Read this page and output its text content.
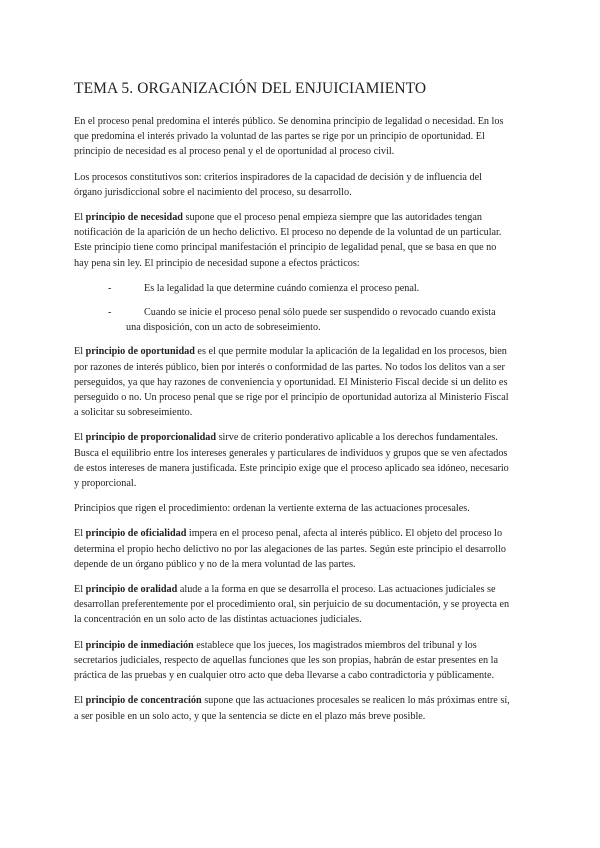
TEMA 5. ORGANIZACIÓN DEL ENJUICIAMIENTO

En el proceso penal predomina el interés público. Se denomina principio de legalidad o necesidad. En los que predomina el interés privado la voluntad de las partes se rige por un principio de oportunidad. El principio de necesidad es al proceso penal y el de oportunidad al proceso civil.

Los procesos constitutivos son: criterios inspiradores de la capacidad de decisión y de influencia del órgano jurisdiccional sobre el nacimiento del proceso, su desarrollo.

El principio de necesidad supone que el proceso penal empieza siempre que las autoridades tengan notificación de la aparición de un hecho delictivo. El proceso no depende de la voluntad de un particular. Este principio tiene como principal manifestación el principio de legalidad penal, que se basa en que no hay pena sin ley. El principio de necesidad supone a efectos prácticos:

-	Es la legalidad la que determine cuándo comienza el proceso penal.
-	Cuando se inicie el proceso penal sólo puede ser suspendido o revocado cuando exista una disposición, con un acto de sobreseimiento.

El principio de oportunidad es el que permite modular la aplicación de la legalidad en los procesos, bien por razones de interés público, bien por interés o conformidad de las partes. No todos los delitos van a ser perseguidos, ya que hay razones de conveniencia y oportunidad. El Ministerio Fiscal decide si un delito es perseguido o no. Un proceso penal que se rige por el principio de oportunidad autoriza al Ministerio Fiscal a solicitar su sobreseimiento.

El principio de proporcionalidad sirve de criterio ponderativo aplicable a los derechos fundamentales. Busca el equilibrio entre los intereses generales y particulares de individuos y grupos que se ven afectados de estos intereses de manera justificada. Este principio exige que el proceso aplicado sea idóneo, necesario y proporcional.

Principios que rigen el procedimiento: ordenan la vertiente externa de las actuaciones procesales.

El principio de oficialidad impera en el proceso penal, afecta al interés público. El objeto del proceso lo determina el propio hecho delictivo no por las alegaciones de las partes. Según este principio el desarrollo depende de un órgano público y no de la mera voluntad de las partes.

El principio de oralidad alude a la forma en que se desarrolla el proceso. Las actuaciones judiciales se desarrollan preferentemente por el procedimiento oral, sin perjuicio de su documentación, y se proyecta en la concentración en un solo acto de las distintas actuaciones judiciales.

El principio de inmediación establece que los jueces, los magistrados miembros del tribunal y los secretarios judiciales, respecto de aquellas funciones que les son propias, habrán de estar presentes en la práctica de las pruebas y en cualquier otro acto que deba llevarse a cabo contradictoria y públicamente.

El principio de concentración supone que las actuaciones procesales se realicen lo más próximas entre sí, a ser posible en un solo acto, y que la sentencia se dicte en el plazo más breve posible.
